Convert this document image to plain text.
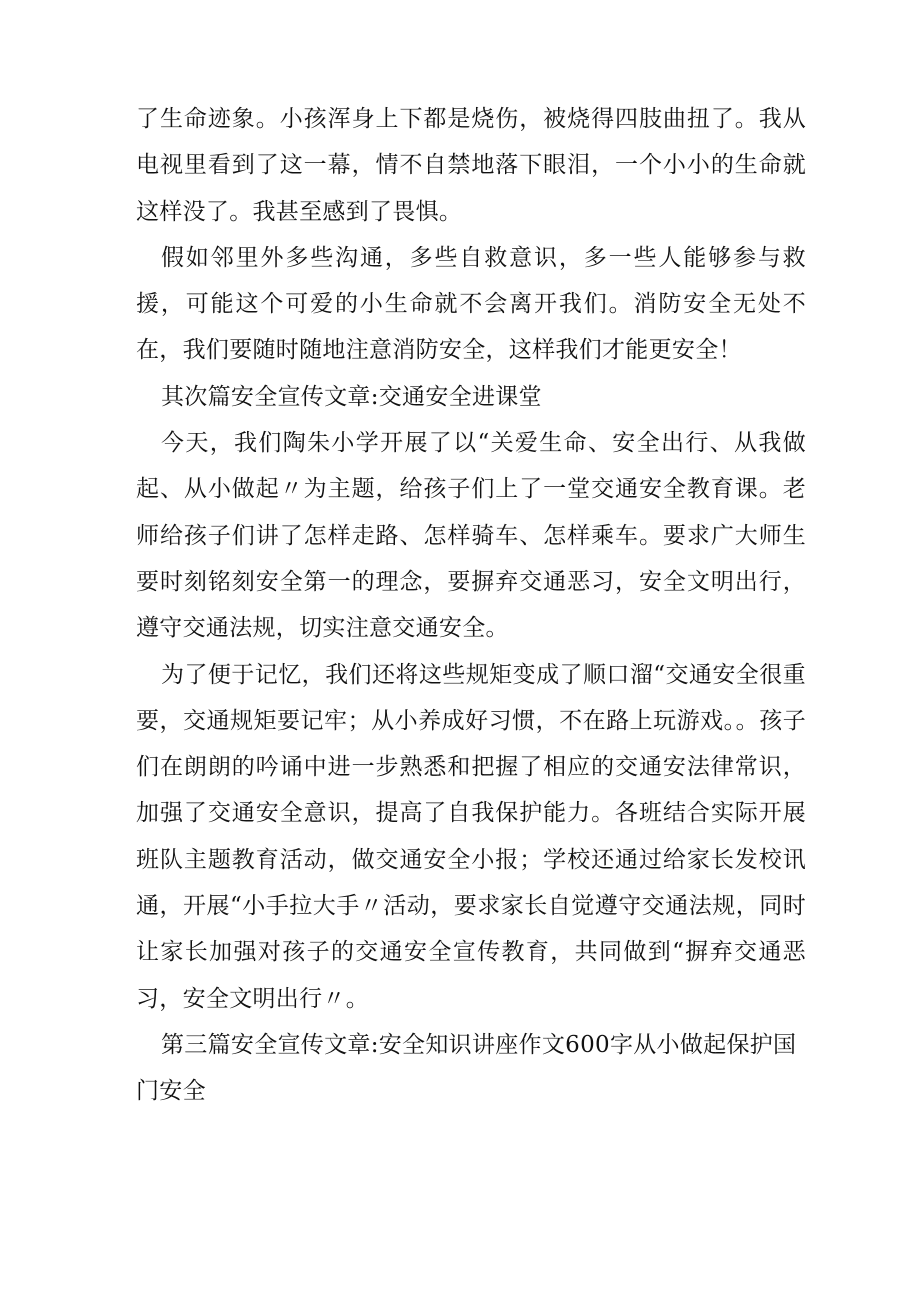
了生命迹象。小孩浑身上下都是烧伤，被烧得四肢曲扭了。我从电视里看到了这一幕，情不自禁地落下眼泪，一个小小的生命就这样没了。我甚至感到了畏惧。

假如邻里外多些沟通，多些自救意识，多一些人能够参与救援，可能这个可爱的小生命就不会离开我们。消防安全无处不在，我们要随时随地注意消防安全，这样我们才能更安全！

其次篇安全宣传文章:交通安全进课堂

今天，我们陶朱小学开展了以“关爱生命、安全出行、从我做起、从小做起〃为主题，给孩子们上了一堂交通安全教育课。老师给孩子们讲了怎样走路、怎样骑车、怎样乘车。要求广大师生要时刻铭刻安全第一的理念，要摒弃交通恶习，安全文明出行，遵守交通法规，切实注意交通安全。

为了便于记忆，我们还将这些规矩变成了顺口溜“交通安全很重要，交通规矩要记牢；从小养成好习惯，不在路上玩游戏。。孩子们在朗朗的吟诵中进一步熟悉和把握了相应的交通安法律常识，加强了交通安全意识，提高了自我保护能力。各班结合实际开展班队主题教育活动，做交通安全小报；学校还通过给家长发校讯通，开展“小手拉大手〃活动，要求家长自觉遵守交通法规，同时让家长加强对孩子的交通安全宣传教育，共同做到“摒弃交通恶习，安全文明出行〃。

第三篇安全宣传文章:安全知识讲座作文600字从小做起保护国门安全
